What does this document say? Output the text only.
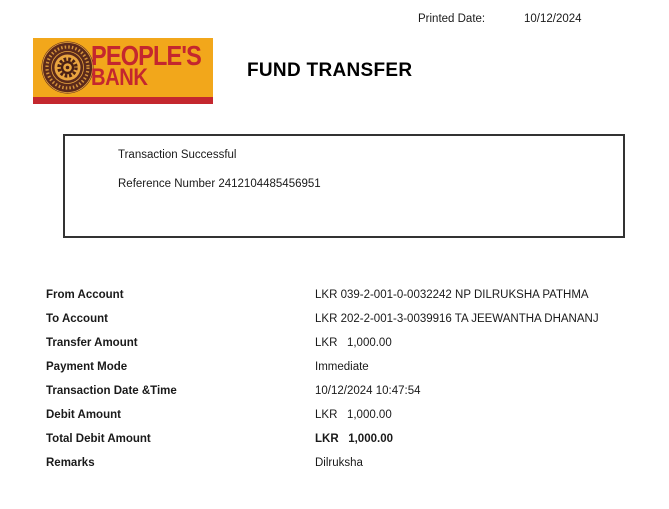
Printed Date:	10/12/2024
PEOPLE'S
BANK	FUND TRANSFER
Transaction Successful
Reference Number 2412104485456951
From Account	LKR 039-2-001-0-0032242 NP DILRUKSHA PATHMA
To Account	LKR 202-2-001-3-0039916 TA JEEWANTHA DHANANJ
Transfer Amount	LKR   1,000.00
Payment Mode	Immediate
Transaction Date &Time	10/12/2024 10:47:54
Debit Amount	LKR   1,000.00
Total Debit Amount	LKR   1,000.00
Remarks	Dilruksha
